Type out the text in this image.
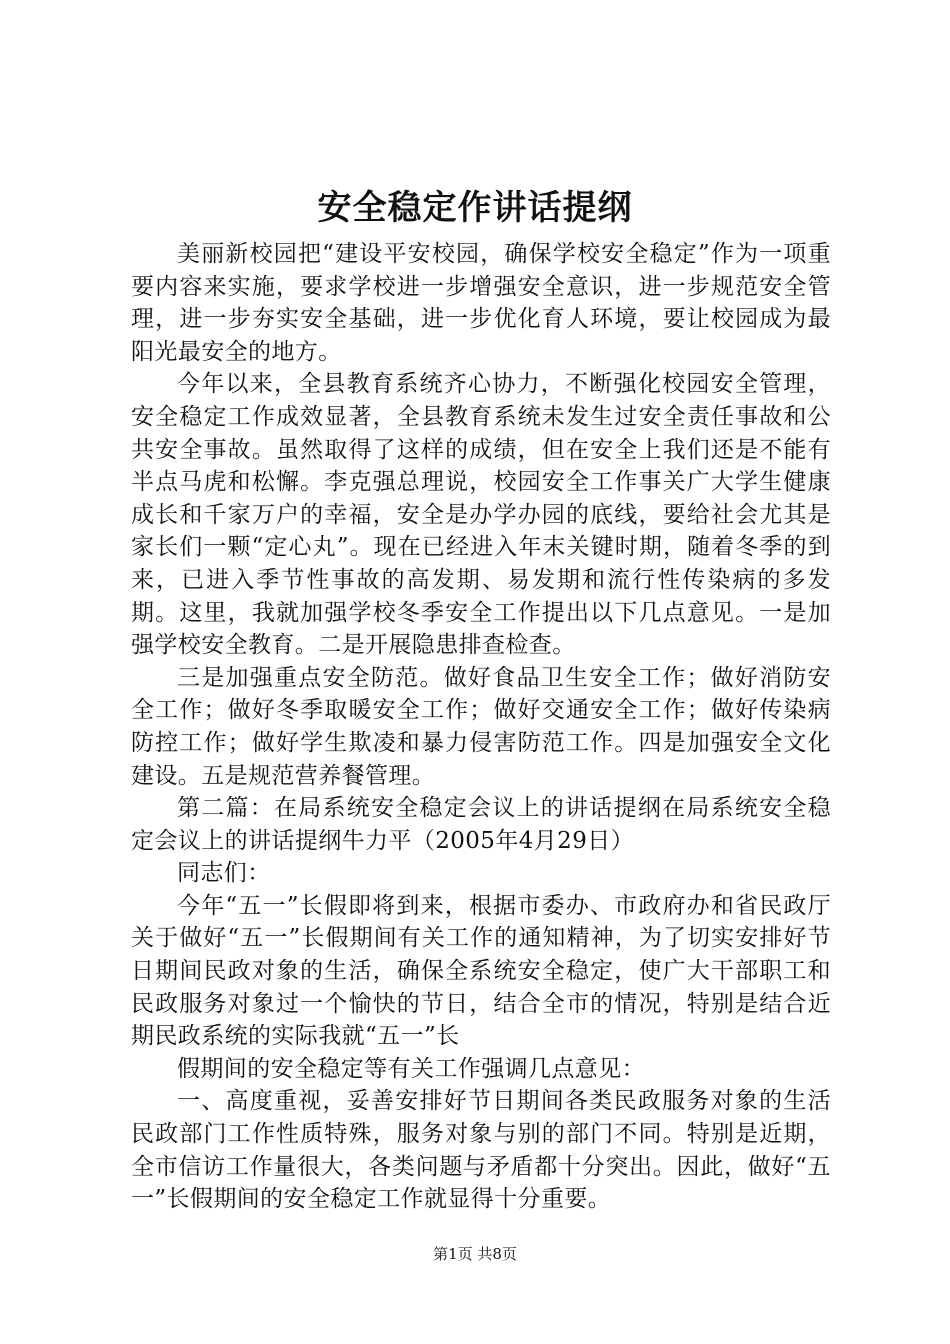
安全稳定作讲话提纲

美丽新校园把“建设平安校园，确保学校安全稳定”作为一项重要内容来实施，要求学校进一步增强安全意识，进一步规范安全管理，进一步夯实安全基础，进一步优化育人环境，要让校园成为最阳光最安全的地方。

今年以来，全县教育系统齐心协力，不断强化校园安全管理，安全稳定工作成效显著，全县教育系统未发生过安全责任事故和公共安全事故。虽然取得了这样的成绩，但在安全上我们还是不能有半点马虎和松懈。李克强总理说，校园安全工作事关广大学生健康成长和千家万户的幸福，安全是办学办园的底线，要给社会尤其是家长们一颗“定心丸”。现在已经进入年末关键时期，随着冬季的到来，已进入季节性事故的高发期、易发期和流行性传染病的多发期。这里，我就加强学校冬季安全工作提出以下几点意见。一是加强学校安全教育。二是开展隐患排查检查。

三是加强重点安全防范。做好食品卫生安全工作；做好消防安全工作；做好冬季取暖安全工作；做好交通安全工作；做好传染病防控工作；做好学生欺凌和暴力侵害防范工作。四是加强安全文化建设。五是规范营养餐管理。

第二篇：在局系统安全稳定会议上的讲话提纲在局系统安全稳定会议上的讲话提纲牛力平（2005年4月29日）

同志们：

今年“五一”长假即将到来，根据市委办、市政府办和省民政厅关于做好“五一”长假期间有关工作的通知精神，为了切实安排好节日期间民政对象的生活，确保全系统安全稳定，使广大干部职工和民政服务对象过一个愉快的节日，结合全市的情况，特别是结合近期民政系统的实际我就“五一”长

假期间的安全稳定等有关工作强调几点意见：

一、高度重视，妥善安排好节日期间各类民政服务对象的生活民政部门工作性质特殊，服务对象与别的部门不同。特别是近期，全市信访工作量很大，各类问题与矛盾都十分突出。因此，做好“五一”长假期间的安全稳定工作就显得十分重要。

第1页 共8页
